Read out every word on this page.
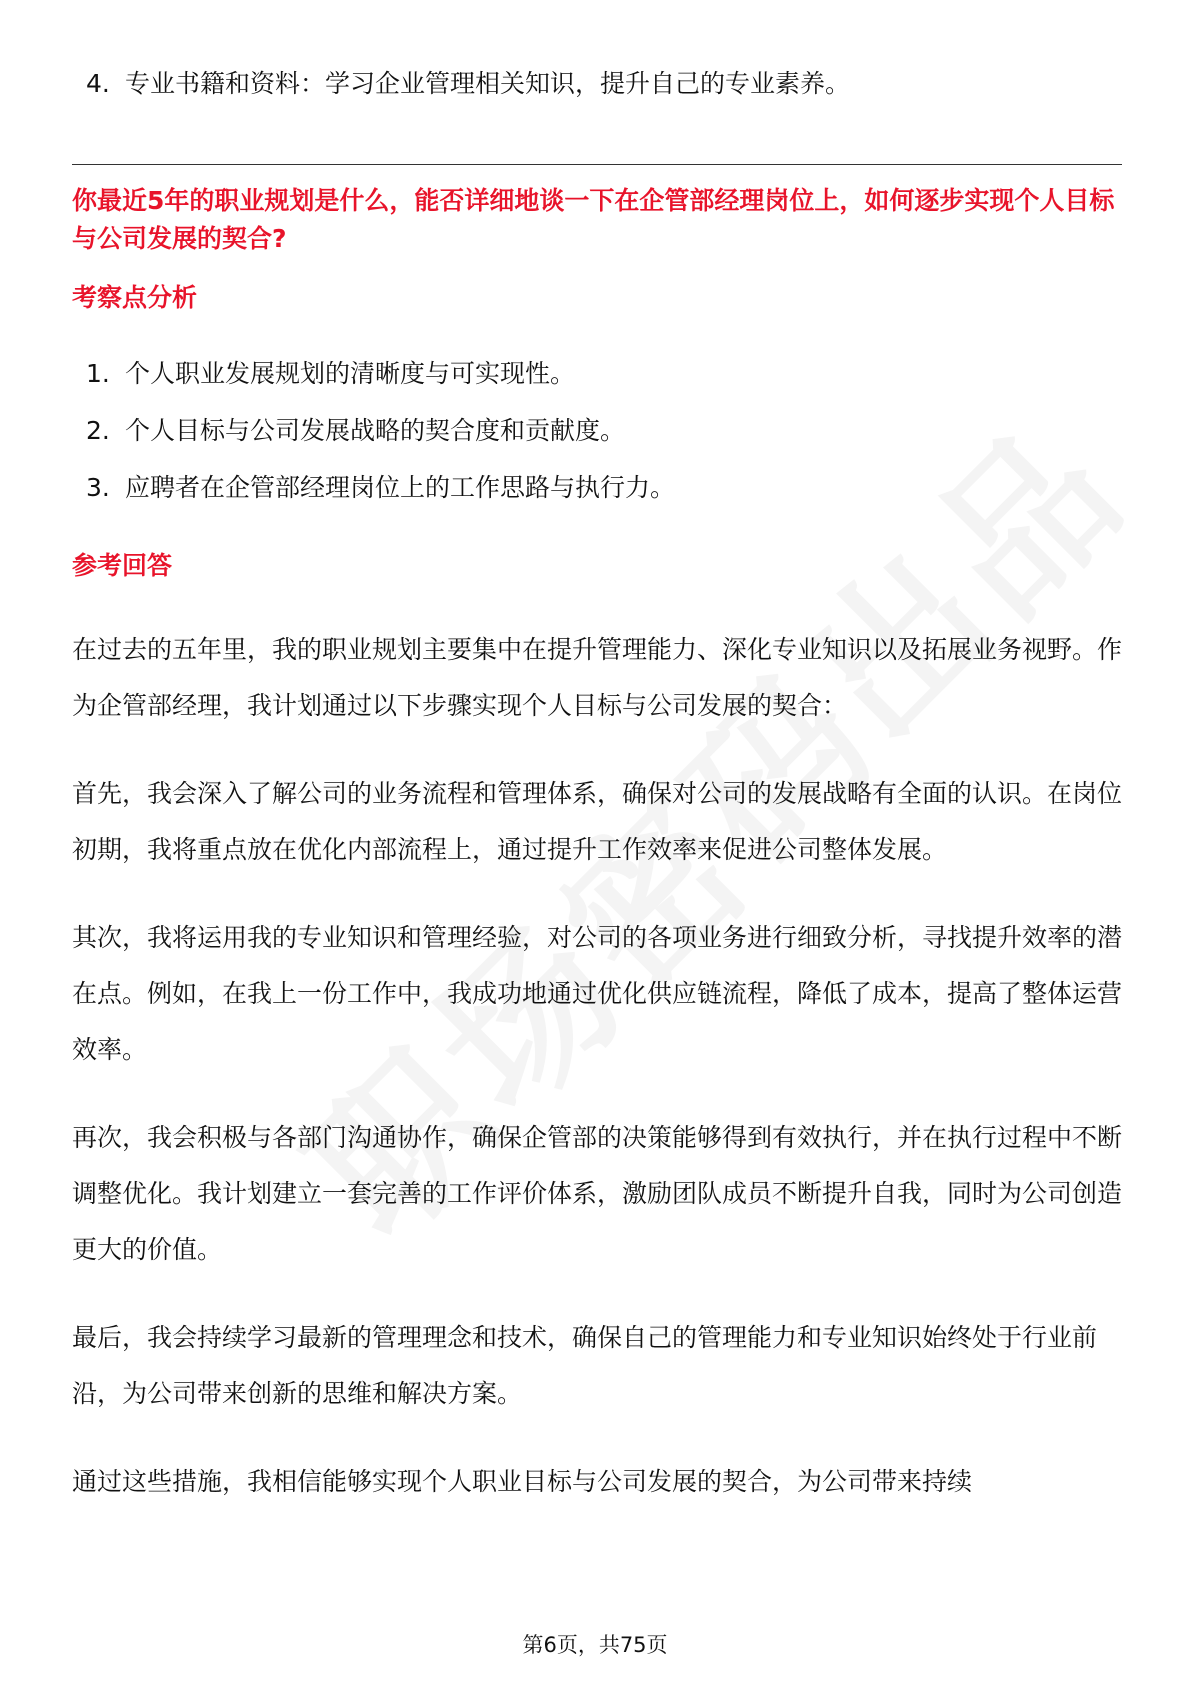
4. 专业书籍和资料：学习企业管理相关知识，提升自己的专业素养。

你最近5年的职业规划是什么，能否详细地谈一下在企管部经理岗位上，如何逐步实现个人目标与公司发展的契合?

考察点分析

1. 个人职业发展规划的清晰度与可实现性。
2. 个人目标与公司发展战略的契合度和贡献度。
3. 应聘者在企管部经理岗位上的工作思路与执行力。

参考回答

在过去的五年里，我的职业规划主要集中在提升管理能力、深化专业知识以及拓展业务视野。作为企管部经理，我计划通过以下步骤实现个人目标与公司发展的契合：

首先，我会深入了解公司的业务流程和管理体系，确保对公司的发展战略有全面的认识。在岗位初期，我将重点放在优化内部流程上，通过提升工作效率来促进公司整体发展。

其次，我将运用我的专业知识和管理经验，对公司的各项业务进行细致分析，寻找提升效率的潜在点。例如，在我上一份工作中，我成功地通过优化供应链流程，降低了成本，提高了整体运营效率。

再次，我会积极与各部门沟通协作，确保企管部的决策能够得到有效执行，并在执行过程中不断调整优化。我计划建立一套完善的工作评价体系，激励团队成员不断提升自我，同时为公司创造更大的价值。

最后，我会持续学习最新的管理理念和技术，确保自己的管理能力和专业知识始终处于行业前沿，为公司带来创新的思维和解决方案。

通过这些措施，我相信能够实现个人职业目标与公司发展的契合，为公司带来持续

第6页，共75页
